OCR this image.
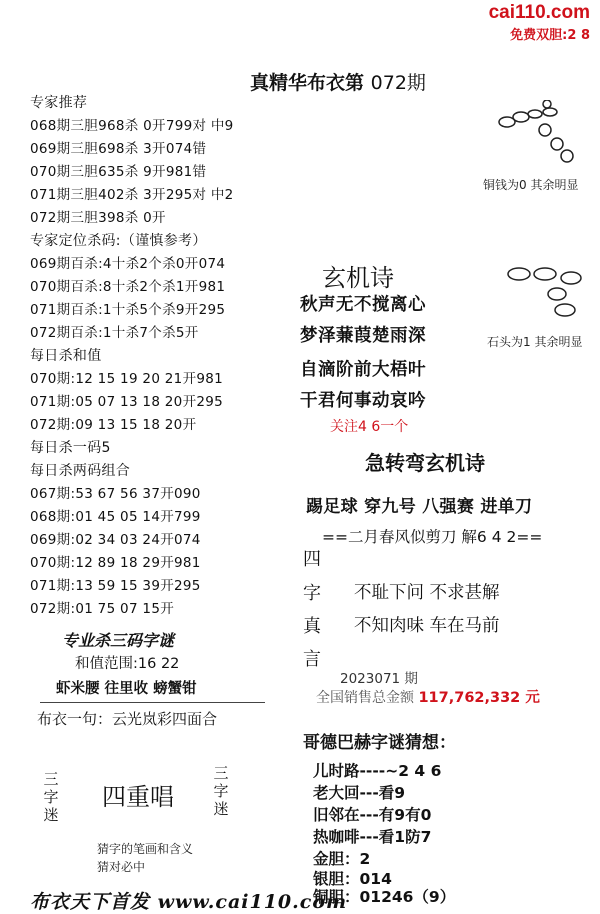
cai110.com
免费双胆:2 8
真精华布衣第 072期
专家推荐
068期三胆968杀 0开799对 中9
069期三胆698杀 3开074错
070期三胆635杀 9开981错
071期三胆402杀 3开295对 中2
072期三胆398杀 0开
专家定位杀码:（谨慎参考）
069期百杀:4十杀2个杀0开074
070期百杀:8十杀2个杀1开981
071期百杀:1十杀5个杀9开295
072期百杀:1十杀7个杀5开
每日杀和值
070期:12 15 19 20 21开981
071期:05 07 13 18 20开295
072期:09 13 15 18 20开
每日杀一码5
每日杀两码组合
067期:53 67 56 37开090
068期:01 45 05 14开799
069期:02 34 03 24开074
070期:12 89 18 29开981
071期:13 59 15 39开295
072期:01 75 07 15开
专业杀三码字谜
和值范围:16 22
虾米腰 往里收 螃蟹钳
布衣一句：云光岚彩四面合
三
字
迷
四重唱
三
字
迷
猜字的笔画和含义
猜对必中
布衣天下首发 www.cai110.com
铜钱为0 其余明显
石头为1 其余明显
玄机诗
秋声无不搅离心
梦泽蒹葭楚雨深
自滴阶前大梧叶
干君何事动哀吟
关注4 6一个
急转弯玄机诗
踢足球 穿九号 八强赛 进单刀
==二月春风似剪刀 解6 4 2==
四
字
真
言
不耻下问 不求甚解
不知肉味 车在马前
2023071 期
全国销售总金额 117,762,332 元
哥德巴赫字谜猜想：
儿时路----~2 4 6
老大回---看9
旧邻在---有9有0
热咖啡---看1防7
金胆：2
银胆：014
铜胆：01246（9）
